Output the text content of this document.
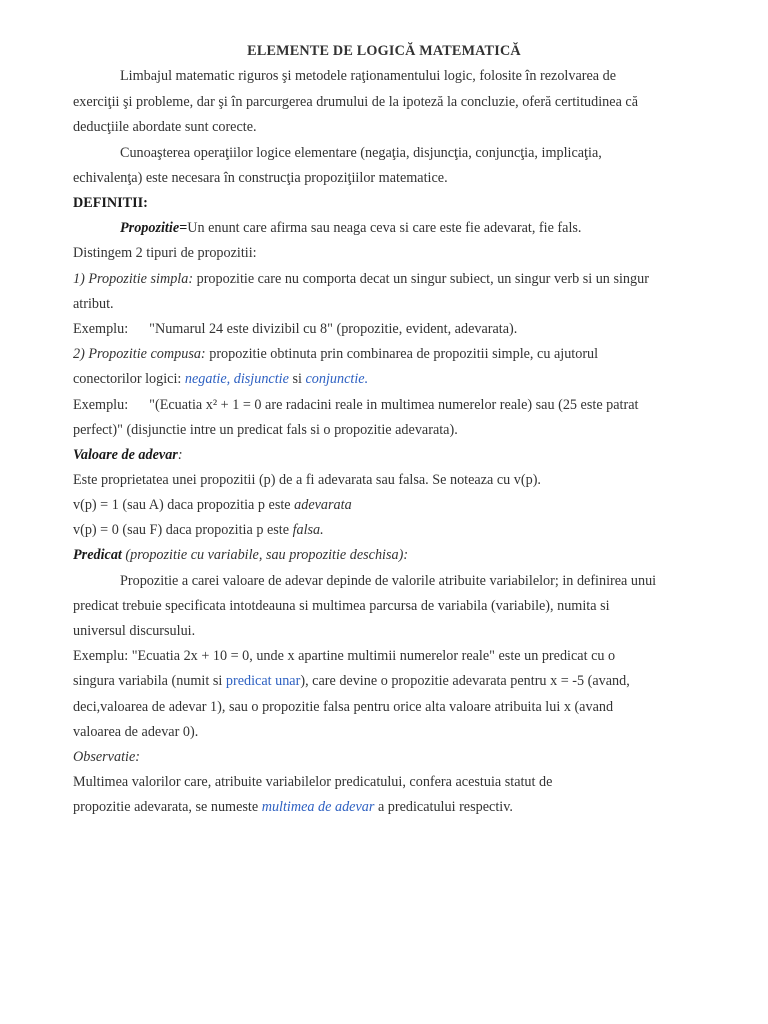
ELEMENTE DE LOGICĂ MATEMATICĂ
Limbajul matematic riguros şi metodele raţionamentului logic, folosite în rezolvarea de
exerciţii şi probleme, dar şi în parcurgerea drumului de la ipoteză la concluzie, oferă certitudinea că
deducţiile abordate sunt corecte.
Cunoaşterea operaţiilor logice elementare (negaţia, disjuncţia, conjuncţia, implicaţia,
echivalenţa) este necesara în construcţia propoziţiilor matematice.
DEFINITII:
Propozitie=Un enunt care afirma sau neaga ceva si care este fie adevarat, fie fals.
Distingem 2 tipuri de propozitii:
1) Propozitie simpla: propozitie care nu comporta decat un singur subiect, un singur verb si un singur
atribut.
Exemplu: "Numarul 24 este divizibil cu 8" (propozitie, evident, adevarata).
2) Propozitie compusa: propozitie obtinuta prin combinarea de propozitii simple, cu ajutorul
conectorilor logici: negatie, disjunctie si conjunctie.
Exemplu: "(Ecuatia x² + 1 = 0 are radacini reale in multimea numerelor reale) sau (25 este patrat
perfect)" (disjunctie intre un predicat fals si o propozitie adevarata).
Valoare de adevar:
Este proprietatea unei propozitii (p) de a fi adevarata sau falsa. Se noteaza cu v(p).
v(p) = 1 (sau A) daca propozitia p este adevarata
v(p) = 0 (sau F) daca propozitia p este falsa.
Predicat (propozitie cu variabile, sau propozitie deschisa):
Propozitie a carei valoare de adevar depinde de valorile atribuite variabilelor; in definirea unui
predicat trebuie specificata intotdeauna si multimea parcursa de variabila (variabile), numita si
universul discursului.
Exemplu: "Ecuatia 2x + 10 = 0, unde x apartine multimii numerelor reale" este un predicat cu o
singura variabila (numit si predicat unar), care devine o propozitie adevarata pentru x = -5 (avand,
deci,valoarea de adevar 1), sau o propozitie falsa pentru orice alta valoare atribuita lui x (avand
valoarea de adevar 0).
Observatie:
Multimea valorilor care, atribuite variabilelor predicatului, confera acestuia statut de
propozitie adevarata, se numeste multimea de adevar a predicatului respectiv.
